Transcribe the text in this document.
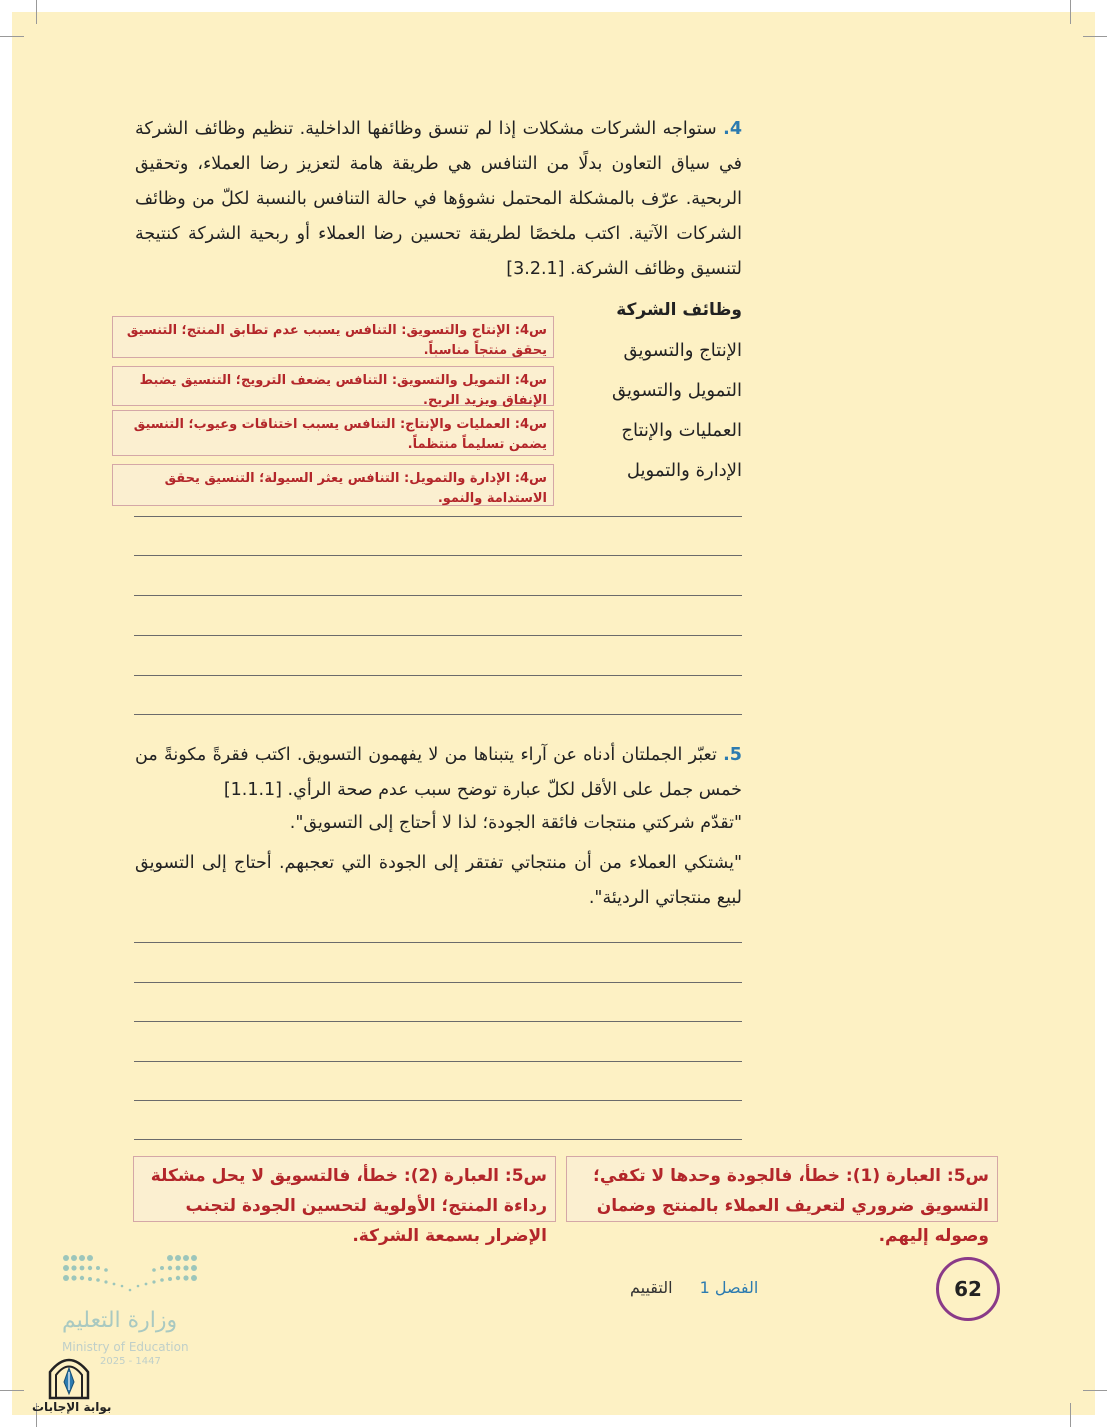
4. ستواجه الشركات مشكلات إذا لم تنسق وظائفها الداخلية. تنظيم وظائف الشركة في سياق التعاون بدلًا من التنافس هي طريقة هامة لتعزيز رضا العملاء، وتحقيق الربحية. عرّف بالمشكلة المحتمل نشوؤها في حالة التنافس بالنسبة لكلّ من وظائف الشركات الآتية. اكتب ملخصًا لطريقة تحسين رضا العملاء أو ربحية الشركة كنتيجة لتنسيق وظائف الشركة. [3.2.1]
وظائف الشركة
الإنتاج والتسويق
التمويل والتسويق
العمليات والإنتاج
الإدارة والتمويل
س4: الإنتاج والتسويق: التنافس يسبب عدم تطابق المنتج؛ التنسيق يحقق منتجاً مناسباً.
س4: التمويل والتسويق: التنافس يضعف الترويج؛ التنسيق يضبط الإنفاق ويزيد الربح.
س4: العمليات والإنتاج: التنافس يسبب اختناقات وعيوب؛ التنسيق يضمن تسليماً منتظماً.
س4: الإدارة والتمويل: التنافس يعثر السيولة؛ التنسيق يحقق الاستدامة والنمو.
5. تعبّر الجملتان أدناه عن آراء يتبناها من لا يفهمون التسويق. اكتب فقرةً مكونةً من خمس جمل على الأقل لكلّ عبارة توضح سبب عدم صحة الرأي. [1.1.1]
"تقدّم شركتي منتجات فائقة الجودة؛ لذا لا أحتاج إلى التسويق".
"يشتكي العملاء من أن منتجاتي تفتقر إلى الجودة التي تعجبهم. أحتاج إلى التسويق لبيع منتجاتي الرديئة".
س5: العبارة (1): خطأ، فالجودة وحدها لا تكفي؛ التسويق ضروري لتعريف العملاء بالمنتج وضمان وصوله إليهم.
س5: العبارة (2): خطأ، فالتسويق لا يحل مشكلة رداءة المنتج؛ الأولوية لتحسين الجودة لتجنب الإضرار بسمعة الشركة.
62
الفصل 1 التقييم
وزارة التعليم
Ministry of Education
2025 - 1447
بوابة الإجابات
